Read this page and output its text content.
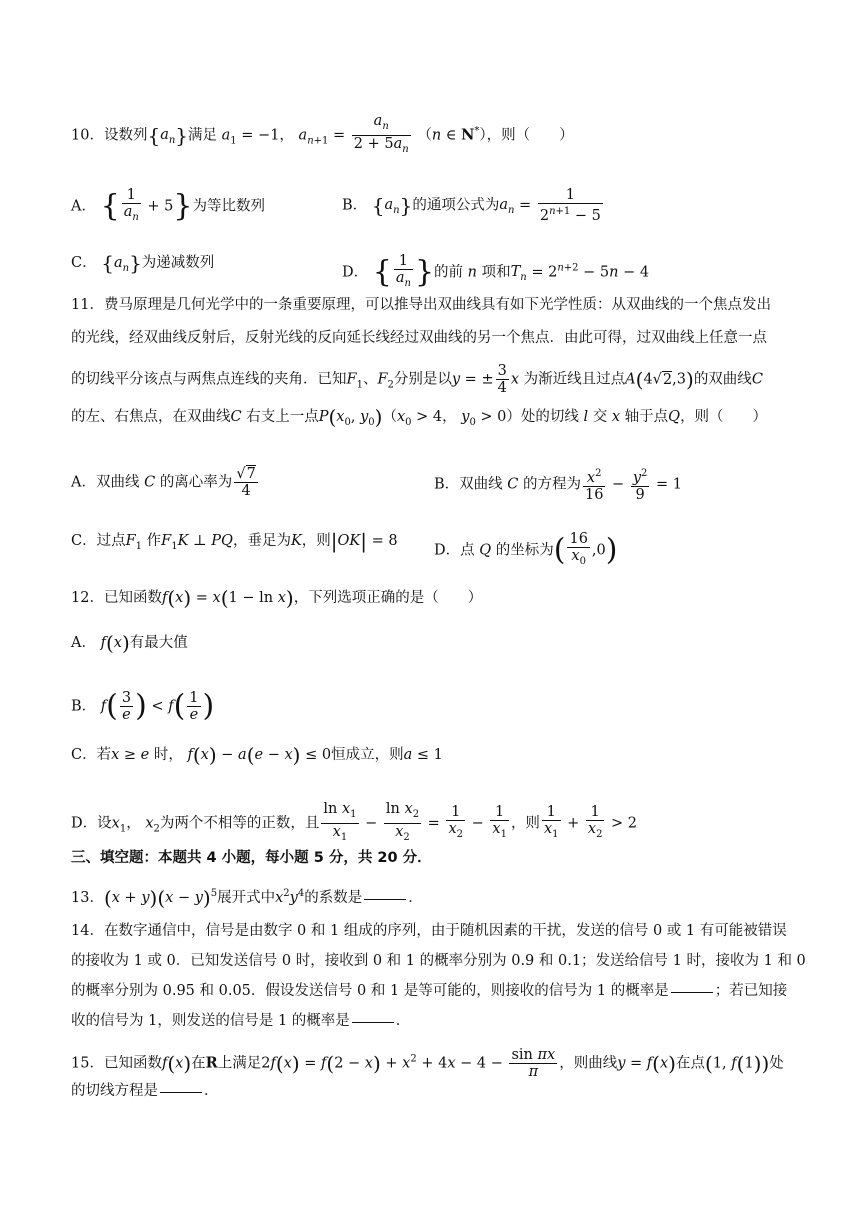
10．设数列$\{a_n\}$满足 $a_1 = -1$， $a_{n+1} = \frac{a_n}{2 + 5a_n} (n$ ∈ N*），则（　　）
A． { $\frac{1}{a_n} + 5$}为等比数列	B． $\{a_n\}$的通项公式为$a_n = \frac{1}{2^{n+1} - 5}$
C． $\{a_n\}$为递减数列
D． { $\frac{1}{a_n}$ }的前 n 项和$T_n = 2^{n+2} - 5n - 4$
11．费马原理是几何光学中的一条重要原理，可以推导出双曲线具有如下光学性质：从双曲线的一个焦点发出
的光线，经双曲线反射后，反射光线的反向延长线经过双曲线的另一个焦点．由此可得，过双曲线上任意一点
的切线平分该点与两焦点连线的夹角．已知$F_1$、$F_2$分别是以y = ± $\frac{3}{4}$ x 为渐近线且过点A(4√2,3)的双曲线C
的左、右焦点，在双曲线C 右支上一点$P(x_0$, $y_0)(x_0 > 4$， $y_0 > 0$）处的切线 l 交 x 轴于点Q，则（　　）
A．双曲线 C 的离心率为 $\frac{√7}{4}$	B．双曲线 C 的方程为 $\frac{x^2}{16} - \frac{y^2}{9} = 1$
C．过点$F_1$ 作$F_1K$ ⊥ PQ，垂足为K，则|OK| = 8
D．点 Q 的坐标为( $\frac{16}{x_0} ,0$)
12．已知函数f(x) = x(1 − ln x)，下列选项正确的是（　　）
A． f(x)有最大值
B． $f( \frac{3}{e}$ ) < $f( \frac{1}{e}$ )
C．若x ≥ e 时， f(x) − a(e − x) ≤ 0恒成立，则a ≤ 1
D．设$x_1$， $x_2$为两个不相等的正数，且 $\frac{\ln x_1}{x_1} - \frac{\ln x_2}{x_2} = \frac{1}{x_2} - \frac{1}{x_1}$ ，则 $\frac{1}{x_1} + \frac{1}{x_2} > 2$
三、填空题：本题共 4 小题，每小题 5 分，共 20 分．
13．$(x + y)(x - y)^5$展开式中$x^2y^4$的系数是	．
14．在数字通信中，信号是由数字 0 和 1 组成的序列，由于随机因素的干扰，发送的信号 0 或 1 有可能被错误
的接收为 1 或 0．已知发送信号 0 时，接收到 0 和 1 的概率分别为 0.9 和 0.1；发送给信号 1 时，接收为 1 和 0
的概率分别为 0.95 和 0.05．假设发送信号 0 和 1 是等可能的，则接收的信号为 1 的概率是	；若已知接
收的信号为 1，则发送的信号是 1 的概率是	．
15．已知函数f(x)在R上满足$2f(x) = f(2 - x) + x^2 + 4x - 4 - \frac{\text{sin πx}}{\pi}$ ，则曲线y = f(x)在点(1, f(1))处
的切线方程是	．
